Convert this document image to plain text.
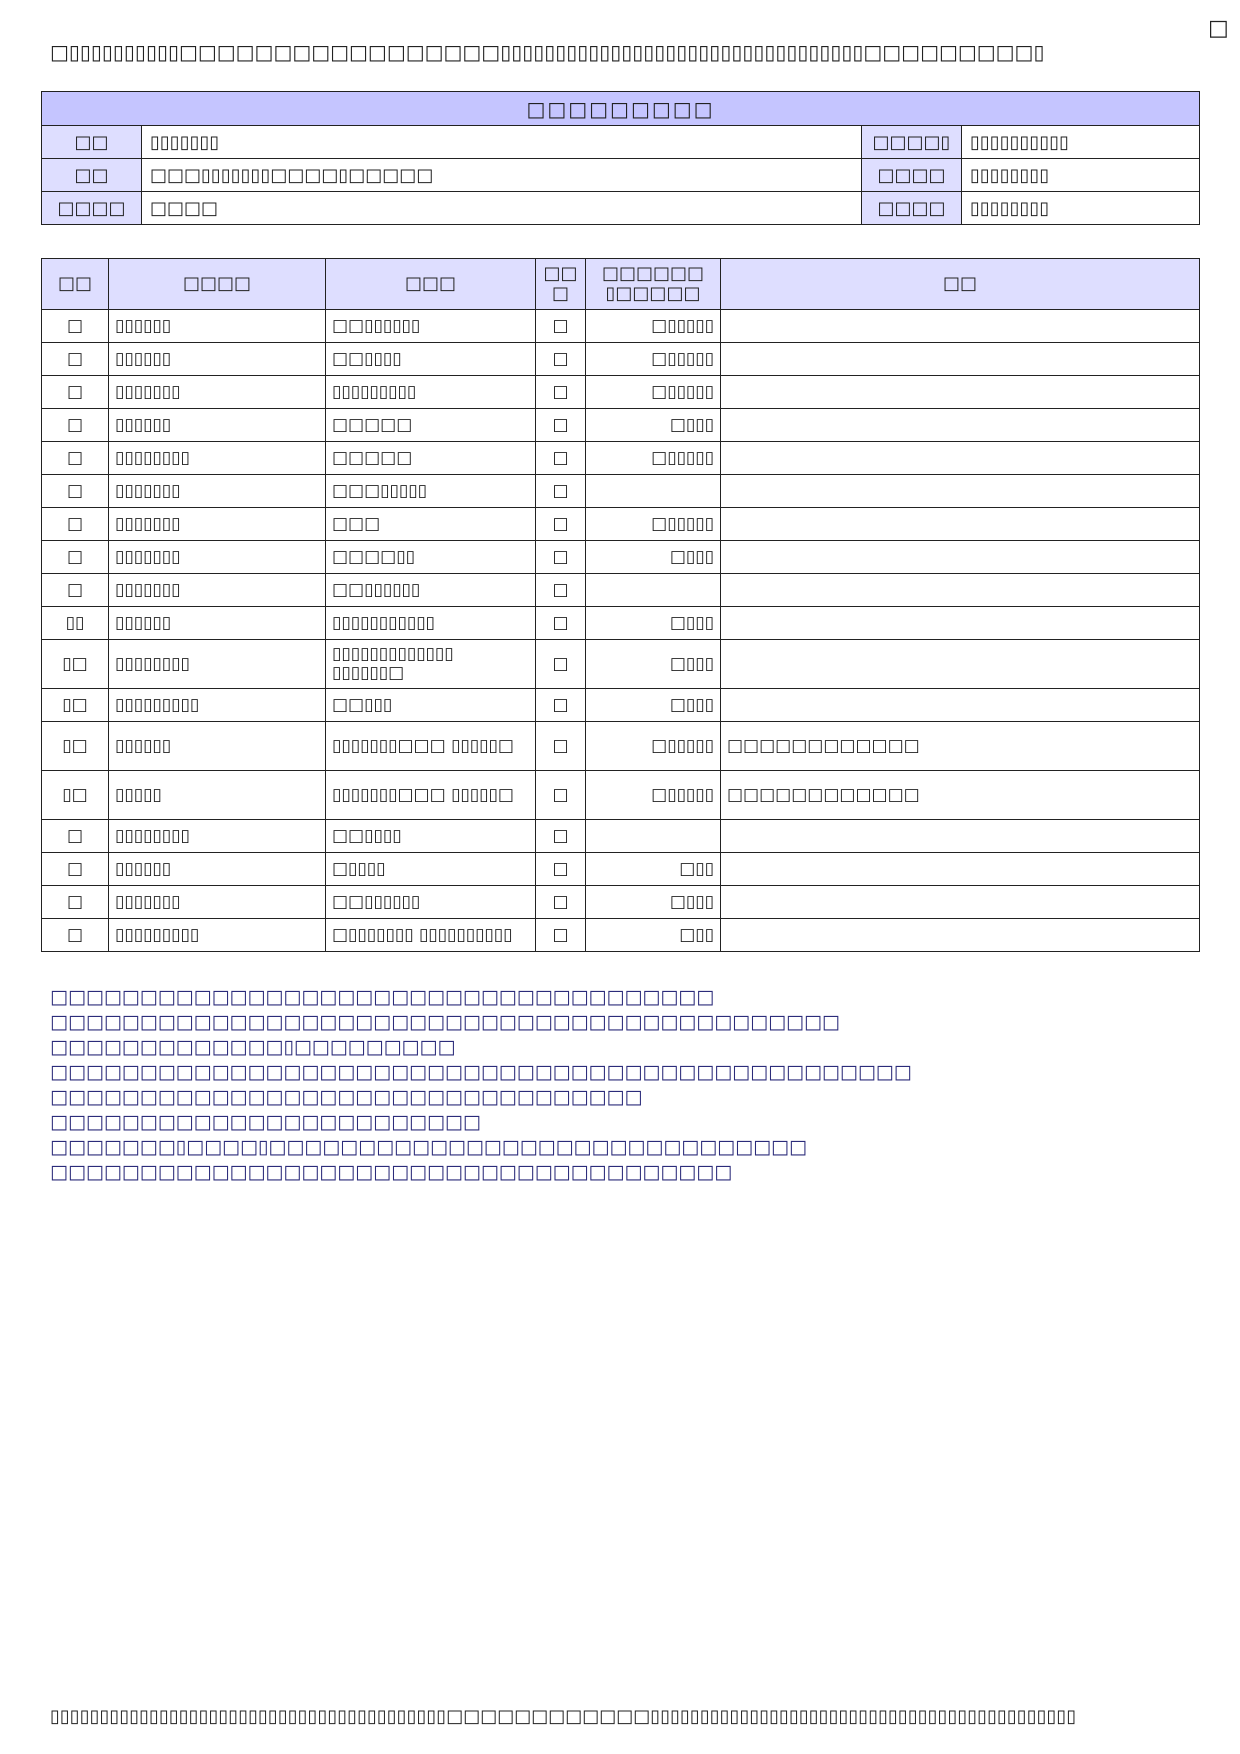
□
□▯▯▯▯▯▯▯▯▯▯□□□□□□□□□□□□□□□□□▯▯▯▯▯▯▯▯▯▯▯▯▯▯▯▯▯▯▯▯▯▯▯▯▯▯▯▯▯▯▯▯▯□□□□□□□□□▯
□□□□□□□□□			
□□	▯▯▯▯▯▯▯	□□□□▯	▯▯▯▯▯▯▯▯▯▯
□□	□□□▯▯▯▯▯▯▯□□□□▯□□□□□	□□□□	▯▯▯▯▯▯▯▯
□□□□	□□□□	□□□□	▯▯▯▯▯▯▯▯
□□	□□□□	□□□	□□ □	□□□□□□ ▯□□□□□	□□
□	▯▯▯▯▯▯	□□▯▯▯▯▯▯	□	□▯▯▯▯▯	
□	▯▯▯▯▯▯	□□▯▯▯▯	□	□▯▯▯▯▯	
□	▯▯▯▯▯▯▯	▯▯▯▯▯▯▯▯▯	□	□▯▯▯▯▯	
□	▯▯▯▯▯▯	□□□□□	□	□▯▯▯	
□	▯▯▯▯▯▯▯▯	□□□□□	□	□▯▯▯▯▯	
□	▯▯▯▯▯▯▯	□□□▯▯▯▯▯	□		
□	▯▯▯▯▯▯▯	□□□	□	□▯▯▯▯▯	
□	▯▯▯▯▯▯▯	□□□□▯▯	□	□▯▯▯	
□	▯▯▯▯▯▯▯	□□▯▯▯▯▯▯	□		
▯▯	▯▯▯▯▯▯	▯▯▯▯▯▯▯▯▯▯▯	□	□▯▯▯	
▯□	▯▯▯▯▯▯▯▯	▯▯▯▯▯▯▯▯▯▯▯▯▯ ▯▯▯▯▯▯□	□	□▯▯▯	
▯□	▯▯▯▯▯▯▯▯▯	□□▯▯▯	□	□▯▯▯	
▯□	▯▯▯▯▯▯	▯▯▯▯▯▯▯□□□ ▯▯▯▯▯□	□	□▯▯▯▯▯	□□□□□□□□□□□□
▯□	▯▯▯▯▯	▯▯▯▯▯▯▯□□□ ▯▯▯▯▯□	□	□▯▯▯▯▯	□□□□□□□□□□□□
□	▯▯▯▯▯▯▯▯	□□▯▯▯▯	□		
□	▯▯▯▯▯▯	□▯▯▯▯	□	□▯▯	
□	▯▯▯▯▯▯▯	□□▯▯▯▯▯▯	□	□▯▯▯	
□	▯▯▯▯▯▯▯▯▯	□▯▯▯▯▯▯▯ ▯▯▯▯▯▯▯▯▯▯	□	□▯▯	
□□□□□□□□□□□□□□□□□□□□□□□□□□□□□□□□□□□□□
□□□□□□□□□□□□□□□□□□□□□□□□□□□□□□□□□□□□□□□□□□□□
□□□□□□□□□□□□□▯□□□□□□□□□
□□□□□□□□□□□□□□□□□□□□□□□□□□□□□□□□□□□□□□□□□□□□□□□□
□□□□□□□□□□□□□□□□□□□□□□□□□□□□□□□□□
□□□□□□□□□□□□□□□□□□□□□□□□
□□□□□□□▯□□□□▯□□□□□□□□□□□□□□□□□□□□□□□□□□□□□□
□□□□□□□□□□□□□□□□□□□□□□□□□□□□□□□□□□□□□□
▯▯▯▯▯▯▯▯▯▯▯▯▯▯▯▯▯▯▯▯▯▯▯▯▯▯▯▯▯▯▯▯▯▯▯▯▯▯▯▯□□□□□□□□□□□□▯▯▯▯▯▯▯▯▯▯▯▯▯▯▯▯▯▯▯▯▯▯▯▯▯▯▯▯▯▯▯▯▯▯▯▯▯▯▯▯▯▯▯
